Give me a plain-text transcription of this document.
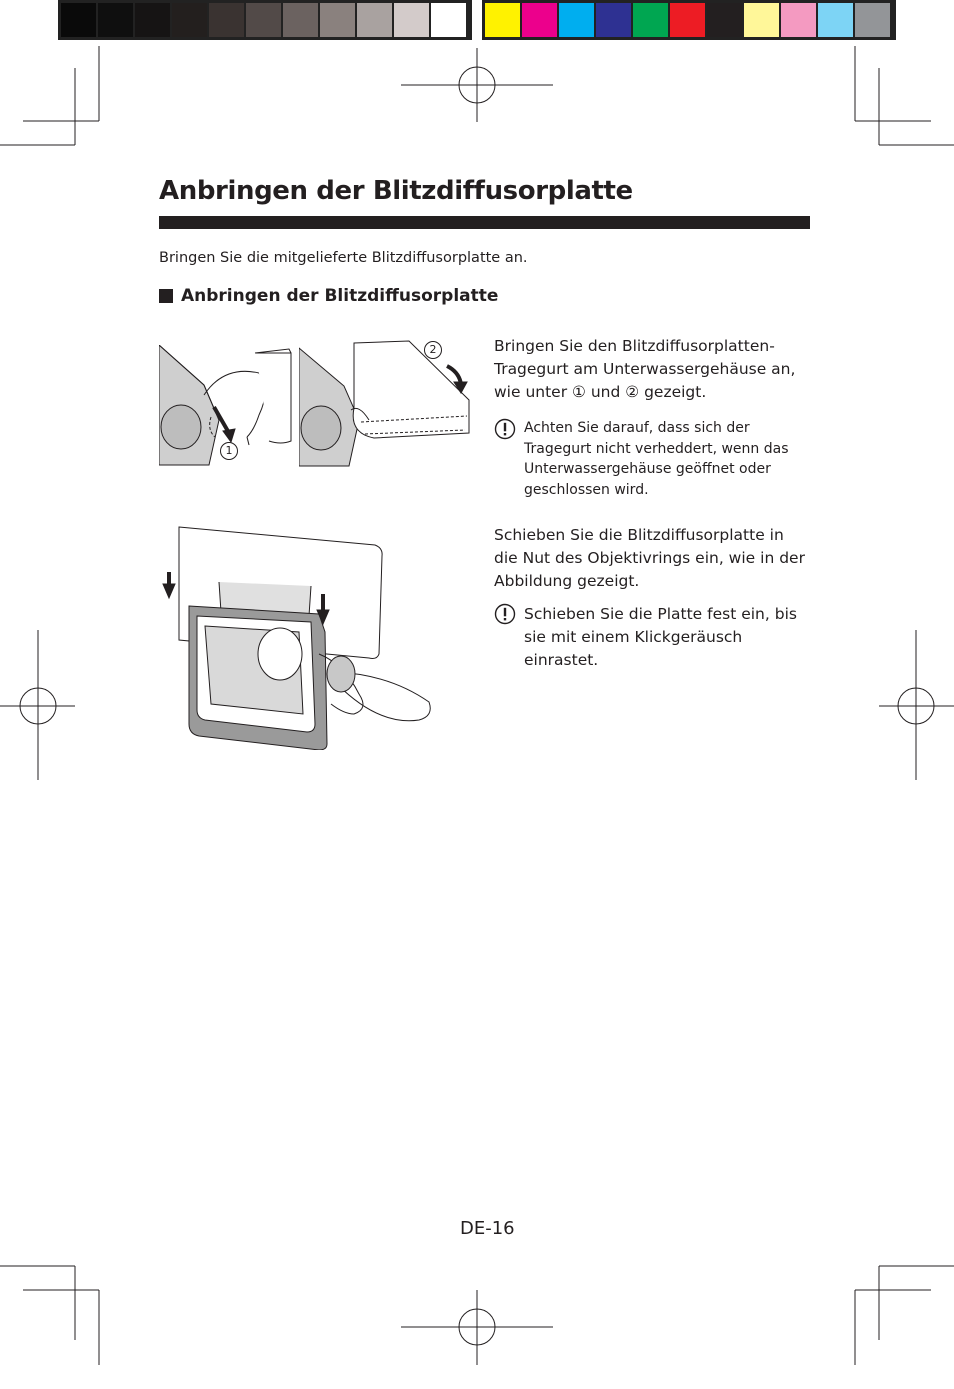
Anbringen der Blitzdiffusorplatte
Bringen Sie die mitgelieferte Blitzdiffusorplatte an.
Anbringen der Blitzdiffusorplatte
1
2	Bringen Sie den Blitzdiffusorplatten-Tragegurt am Unterwassergehäuse an, wie unter ① und ② gezeigt.
Achten Sie darauf, dass sich der Tragegurt nicht verheddert, wenn das Unterwassergehäuse geöffnet oder geschlossen wird.
Schieben Sie die Blitzdiffusorplatte in die Nut des Objektivrings ein, wie in der Abbildung gezeigt.
Schieben Sie die Platte fest ein, bis sie mit einem Klickgeräusch einrastet.
DE-16
